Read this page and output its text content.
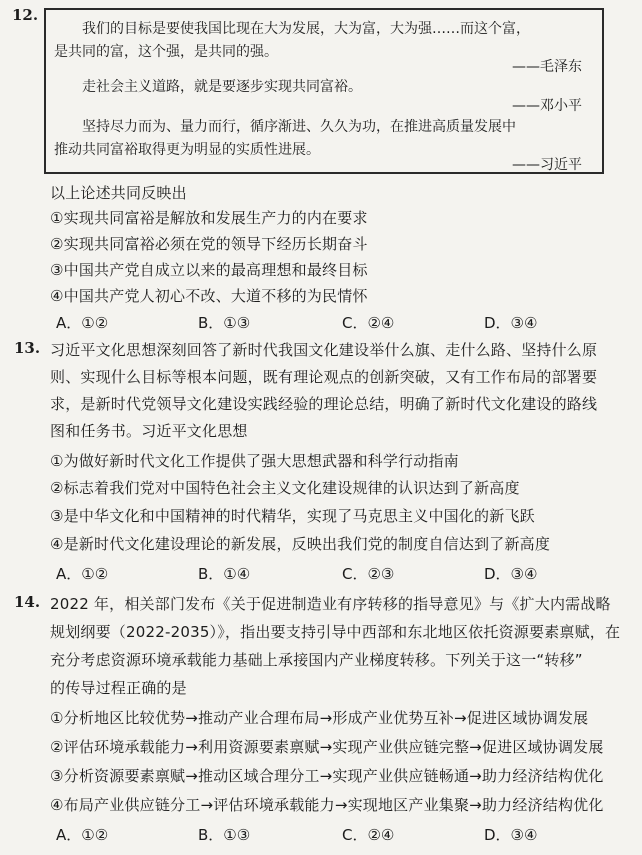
12.
我们的目标是要使我国比现在大为发展，大为富，大为强……而这个富，
是共同的富，这个强，是共同的强。
——毛泽东
走社会主义道路，就是要逐步实现共同富裕。
——邓小平
坚持尽力而为、量力而行，循序渐进、久久为功，在推进高质量发展中
推动共同富裕取得更为明显的实质性进展。
——习近平
以上论述共同反映出
①实现共同富裕是解放和发展生产力的内在要求
②实现共同富裕必须在党的领导下经历长期奋斗
③中国共产党自成立以来的最高理想和最终目标
④中国共产党人初心不改、大道不移的为民情怀
A．①②	B．①③	C．②④	D．③④
13. 习近平文化思想深刻回答了新时代我国文化建设举什么旗、走什么路、坚持什么原
则、实现什么目标等根本问题，既有理论观点的创新突破，又有工作布局的部署要
求，是新时代党领导文化建设实践经验的理论总结，明确了新时代文化建设的路线
图和任务书。习近平文化思想
①为做好新时代文化工作提供了强大思想武器和科学行动指南
②标志着我们党对中国特色社会主义文化建设规律的认识达到了新高度
③是中华文化和中国精神的时代精华，实现了马克思主义中国化的新飞跃
④是新时代文化建设理论的新发展，反映出我们党的制度自信达到了新高度
A．①②	B．①④	C．②③	D．③④
14. 2022 年，相关部门发布《关于促进制造业有序转移的指导意见》与《扩大内需战略
规划纲要（2022-2035）》，指出要支持引导中西部和东北地区依托资源要素禀赋，在
充分考虑资源环境承载能力基础上承接国内产业梯度转移。下列关于这一“转移”
的传导过程正确的是
①分析地区比较优势→推动产业合理布局→形成产业优势互补→促进区域协调发展
②评估环境承载能力→利用资源要素禀赋→实现产业供应链完整→促进区域协调发展
③分析资源要素禀赋→推动区域合理分工→实现产业供应链畅通→助力经济结构优化
④布局产业供应链分工→评估环境承载能力→实现地区产业集聚→助力经济结构优化
A．①②	B．①③	C．②④	D．③④
